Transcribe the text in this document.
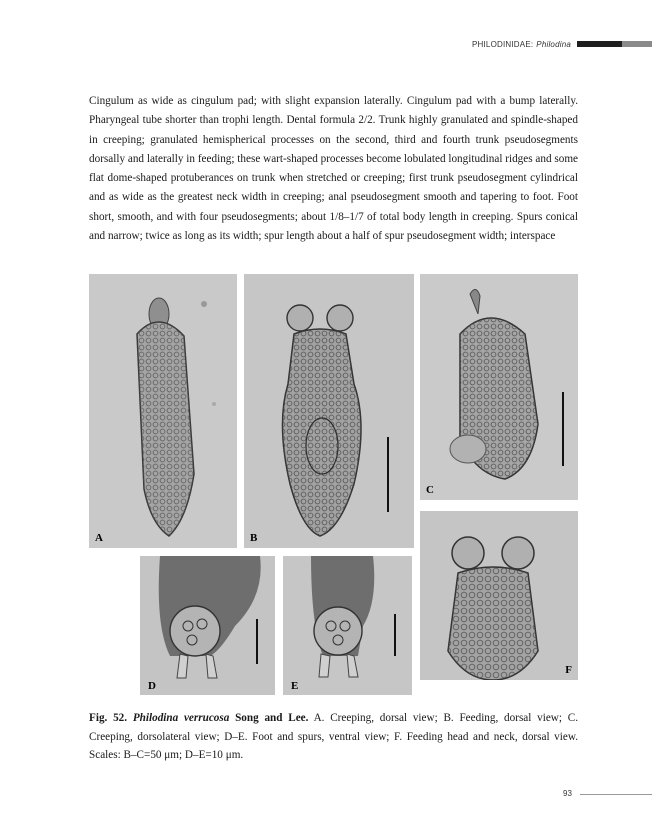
PHILODINIDAE: Philodina

Cingulum as wide as cingulum pad; with slight expansion laterally. Cingulum pad with a bump laterally. Pharyngeal tube shorter than trophi length. Dental formula 2/2. Trunk highly granulated and spindle-shaped in creeping; granulated hemispherical processes on the second, third and fourth trunk pseudosegments dorsally and laterally in feeding; these wart-shaped processes become lobulated longitudinal ridges and some flat dome-shaped protuberances on trunk when stretched or creeping; first trunk pseudosegment cylindrical and as wide as the greatest neck width in creeping; anal pseudosegment smooth and tapering to foot. Foot short, smooth, and with four pseudosegments; about 1/8–1/7 of total body length in creeping. Spurs conical and narrow; twice as long as its width; spur length about a half of spur pseudosegment width; interspace

A	B
C
D	E
F

Fig. 52. Philodina verrucosa Song and Lee. A. Creeping, dorsal view; B. Feeding, dorsal view; C. Creeping, dorsolateral view; D–E. Foot and spurs, ventral view; F. Feeding head and neck, dorsal view. Scales: B–C=50 μm; D–E=10 μm.

93
